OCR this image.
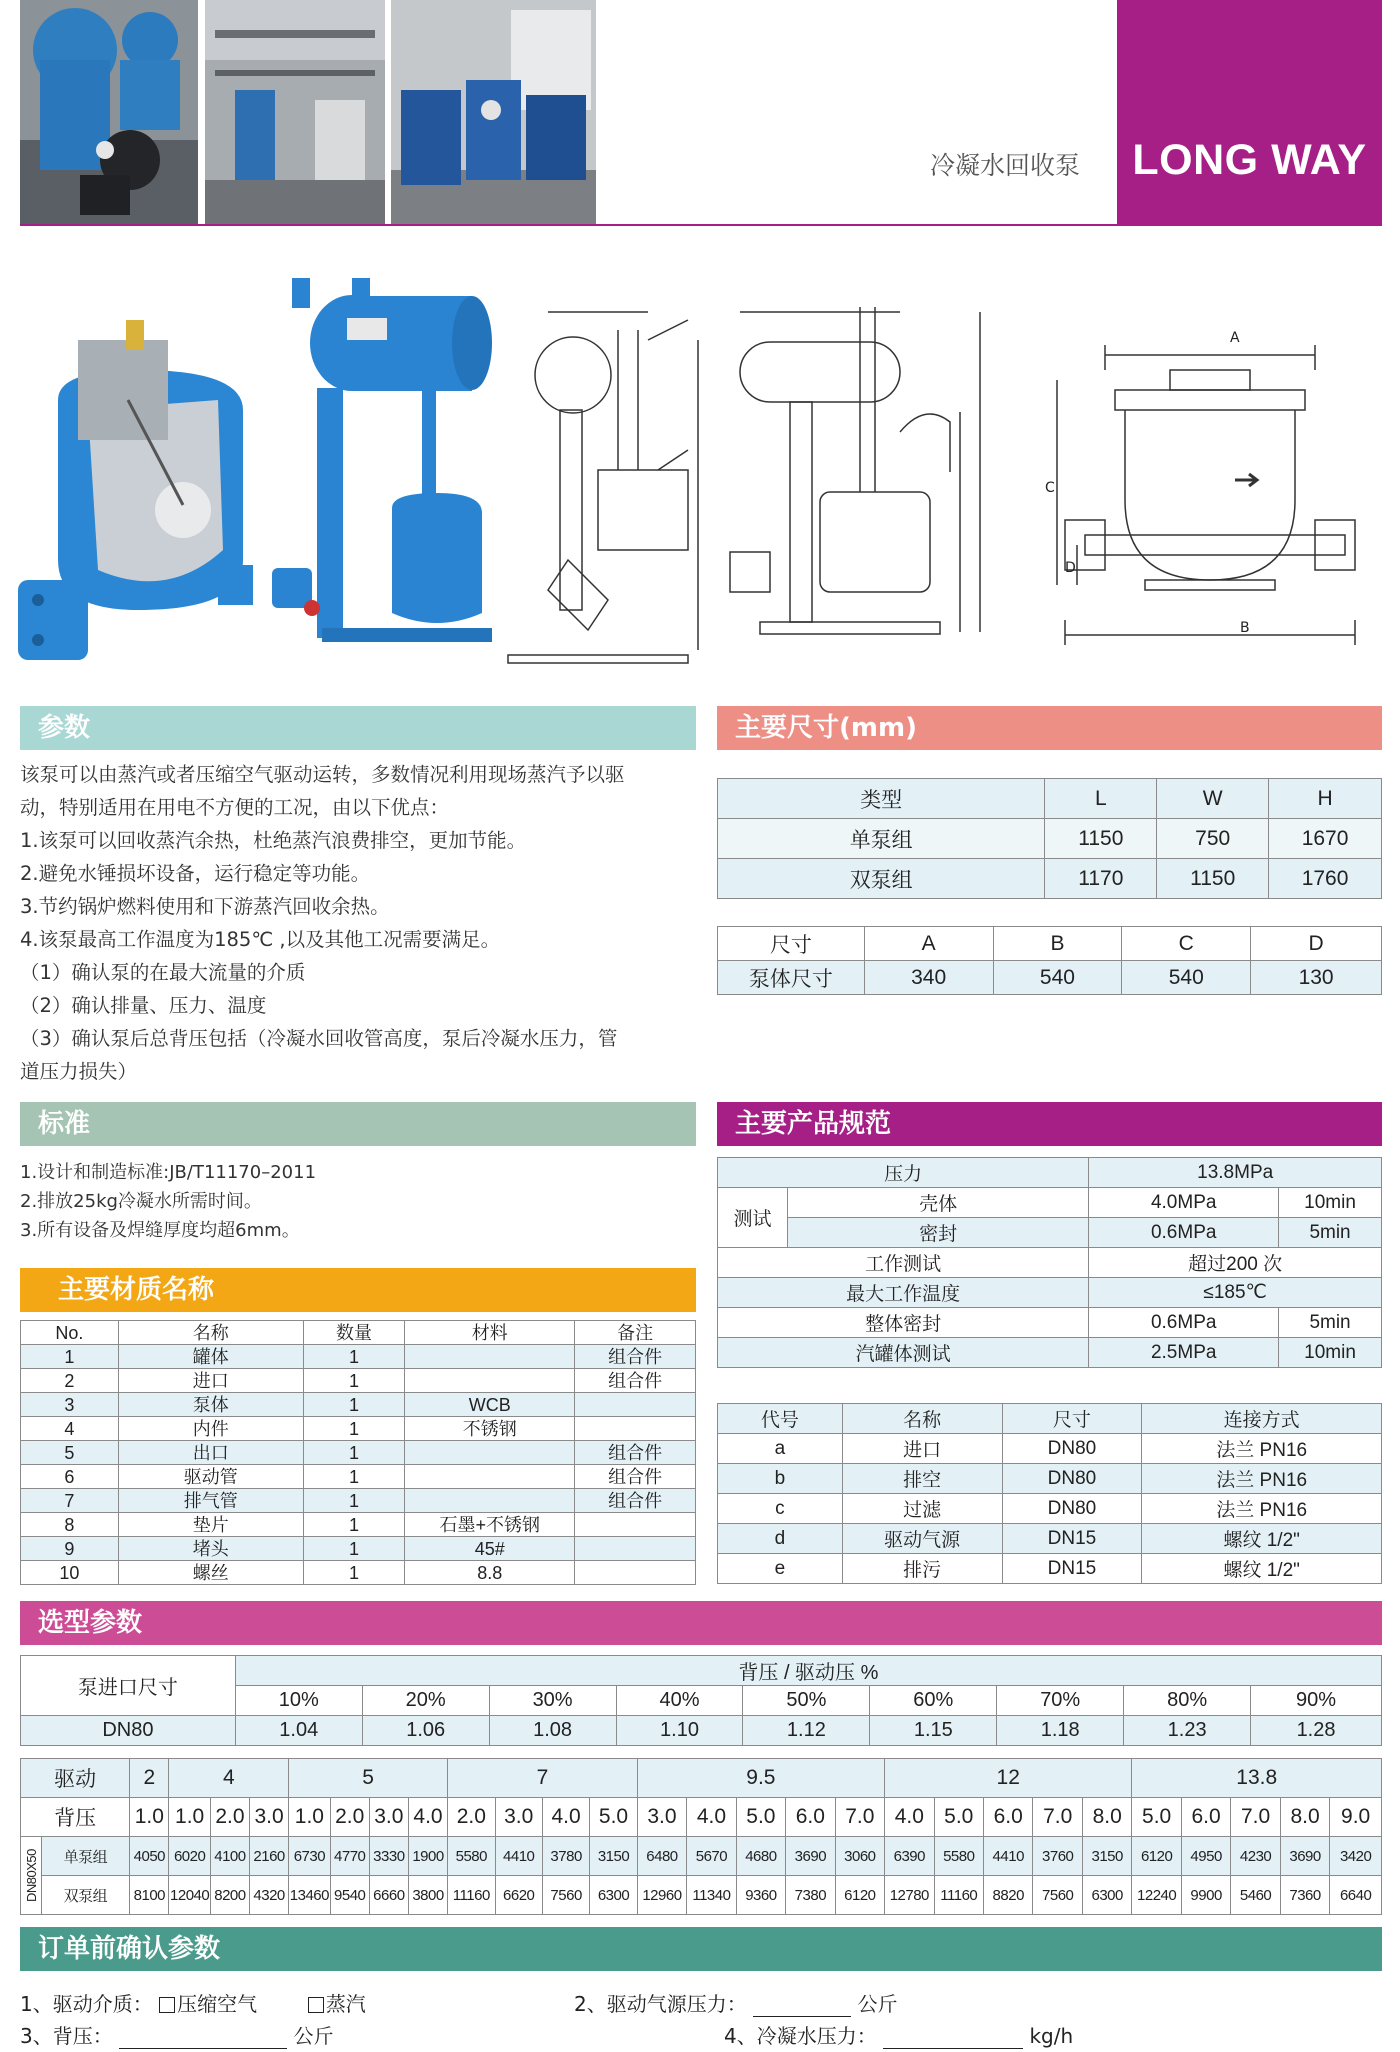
冷凝水回收泵	LONG WAY
A
B
C
D
参数
该泵可以由蒸汽或者压缩空气驱动运转，多数情况利用现场蒸汽予以驱
动，特别适用在用电不方便的工况，由以下优点：
1.该泵可以回收蒸汽余热，杜绝蒸汽浪费排空，更加节能。
2.避免水锤损坏设备，运行稳定等功能。
3.节约锅炉燃料使用和下游蒸汽回收余热。
4.该泵最高工作温度为185℃ ,以及其他工况需要满足。
（1）确认泵的在最大流量的介质
（2）确认排量、压力、温度
（3）确认泵后总背压包括（冷凝水回收管高度，泵后冷凝水压力，管
道压力损失）
主要尺寸(mm)
类型	L	W	H
单泵组	1150	750	1670
双泵组	1170	1150	1760
尺寸	A	B	C	D
泵体尺寸	340	540	540	130
标准
1.设计和制造标准:JB/T11170–2011
2.排放25kg冷凝水所需时间。
3.所有设备及焊缝厚度均超6mm。
主要产品规范
压力		13.8MPa	
测试	壳体	4.0MPa	10min
	密封	0.6MPa	5min
工作测试		超过200 次	
最大工作温度		≤185℃	
整体密封		0.6MPa	5min
汽罐体测试		2.5MPa	10min
主要材质名称
No.	名称	数量	材料	备注
1	罐体	1		组合件
2	进口	1		组合件
3	泵体	1	WCB	
4	内件	1	不锈钢	
5	出口	1		组合件
6	驱动管	1		组合件
7	排气管	1		组合件
8	垫片	1	石墨+不锈钢	
9	堵头	1	45#	
10	螺丝	1	8.8	
代号	名称	尺寸	连接方式
a	进口	DN80	法兰 PN16
b	排空	DN80	法兰 PN16
c	过滤	DN80	法兰 PN16
d	驱动气源	DN15	螺纹 1/2"
e	排污	DN15	螺纹 1/2"
选型参数
泵进口尺寸	背压 / 驱动压 %								
	10%	20%	30%	40%	50%	60%	70%	80%	90%
DN80	1.04	1.06	1.08	1.10	1.12	1.15	1.18	1.23	1.28
驱动		2	4			5				7				9.5					12					13.8				
背压		1.0	1.0	2.0	3.0	1.0	2.0	3.0	4.0	2.0	3.0	4.0	5.0	3.0	4.0	5.0	6.0	7.0	4.0	5.0	6.0	7.0	8.0	5.0	6.0	7.0	8.0	9.0
DN80X50	单泵组	4050	6020	4100	2160	6730	4770	3330	1900	5580	4410	3780	3150	6480	5670	4680	3690	3060	6390	5580	4410	3760	3150	6120	4950	4230	3690	3420
	双泵组	8100	12040	8200	4320	13460	9540	6660	3800	11160	6620	7560	6300	12960	11340	9360	7380	6120	12780	11160	8820	7560	6300	12240	9900	5460	7360	6640
订单前确认参数
1、驱动介质： 压缩空气	蒸汽	2、驱动气源压力：	公斤
3、背压：	公斤	4、冷凝水压力：	kg/h
